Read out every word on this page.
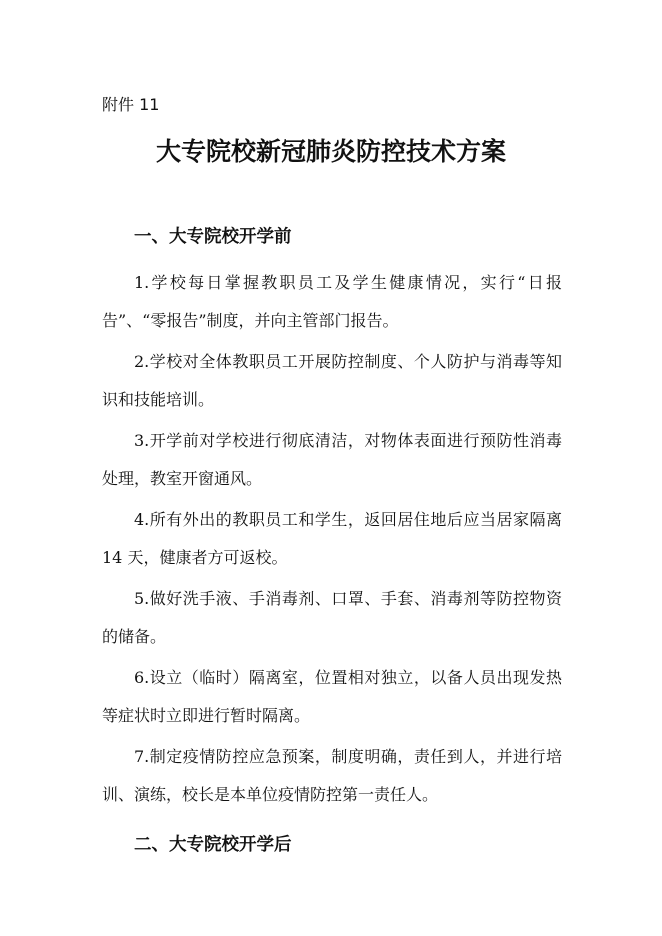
附件 11
大专院校新冠肺炎防控技术方案
一、大专院校开学前

1.学校每日掌握教职员工及学生健康情况，实行“日报告”、“零报告”制度，并向主管部门报告。

2.学校对全体教职员工开展防控制度、个人防护与消毒等知识和技能培训。

3.开学前对学校进行彻底清洁，对物体表面进行预防性消毒处理，教室开窗通风。

4.所有外出的教职员工和学生，返回居住地后应当居家隔离 14 天，健康者方可返校。

5.做好洗手液、手消毒剂、口罩、手套、消毒剂等防控物资的储备。

6.设立（临时）隔离室，位置相对独立，以备人员出现发热等症状时立即进行暂时隔离。

7.制定疫情防控应急预案，制度明确，责任到人，并进行培训、演练，校长是本单位疫情防控第一责任人。

二、大专院校开学后
